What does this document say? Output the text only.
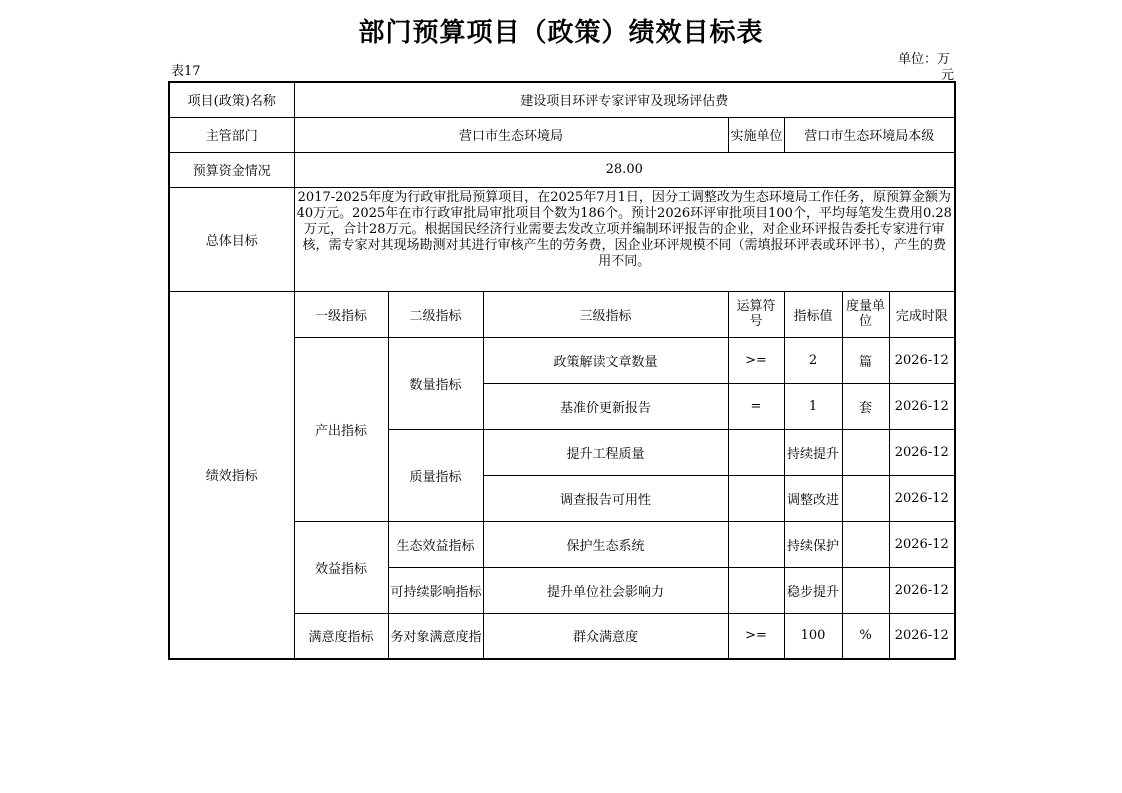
部门预算项目（政策）绩效目标表
表17
单位：万
元
项目(政策)名称	建设项目环评专家评审及现场评估费						
主管部门	营口市生态环境局			实施单位	营口市生态环境局本级		
预算资金情况	28.00						
总体目标	2017-2025年度为行政审批局预算项目，在2025年7月1日，因分工调整改为生态环境局工作任务，原预算金额为40万元。2025年在市行政审批局审批项目个数为186个。预计2026环评审批项目100个，平均每笔发生费用0.28万元，合计28万元。根据国民经济行业需要去发改立项并编制环评报告的企业，对企业环评报告委托专家进行审核，需专家对其现场勘测对其进行审核产生的劳务费，因企业环评规模不同（需填报环评表或环评书），产生的费用不同。						
绩效指标	一级指标	二级指标	三级指标	运算符号	指标值	度量单位	完成时限
	产出指标	数量指标	政策解读文章数量	>=	2	篇	2026-12
			基准价更新报告	=	1	套	2026-12
		质量指标	提升工程质量		持续提升		2026-12
			调查报告可用性		调整改进		2026-12
	效益指标	生态效益指标	保护生态系统		持续保护		2026-12
		可持续影响指标	提升单位社会影响力		稳步提升		2026-12
	满意度指标	务对象满意度指	群众满意度	>=	100	%	2026-12
